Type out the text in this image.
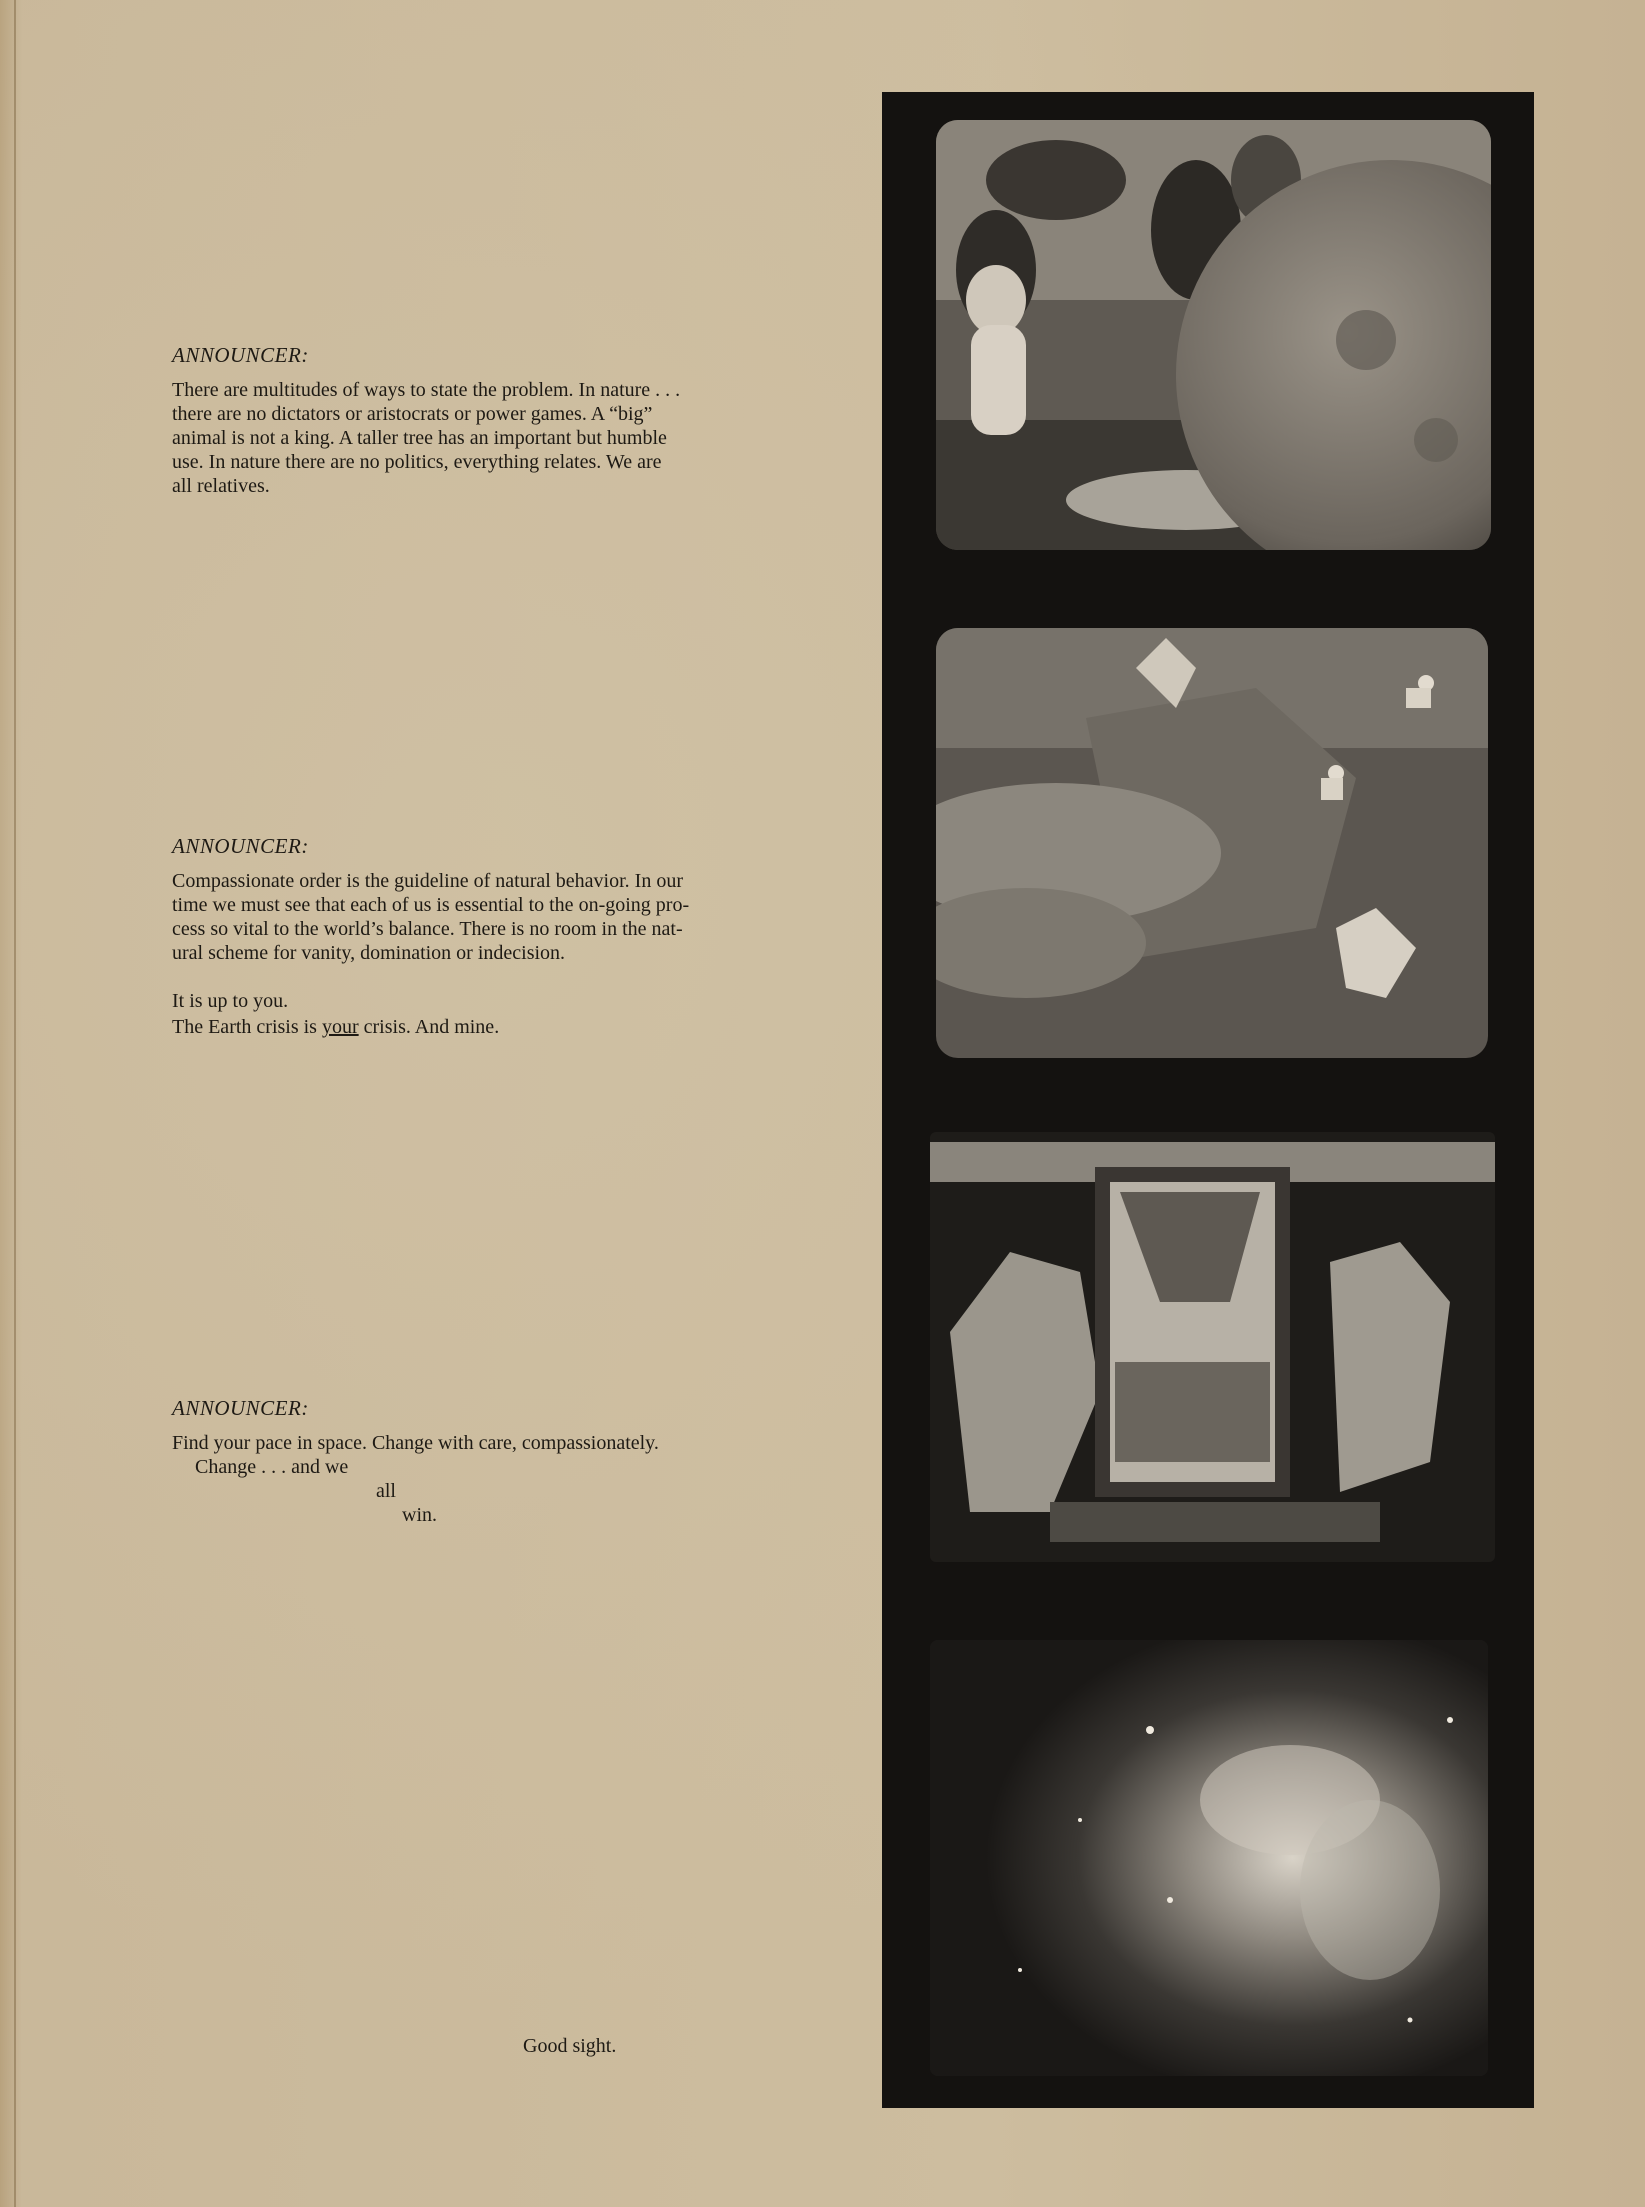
ANNOUNCER:

There are multitudes of ways to state the problem. In nature . . .

there are no dictators or aristocrats or power games. A “big”

animal is not a king. A taller tree has an important but humble

use. In nature there are no politics, everything relates. We are

all relatives.

ANNOUNCER:

Compassionate order is the guideline of natural behavior. In our

time we must see that each of us is essential to the on-going pro-

cess so vital to the world’s balance. There is no room in the nat-

ural scheme for vanity, domination or indecision.

It is up to you.

The Earth crisis is your crisis. And mine.

ANNOUNCER:

Find your pace in space. Change with care, compassionately.

Change . . . and we

all

win.

Good sight.
